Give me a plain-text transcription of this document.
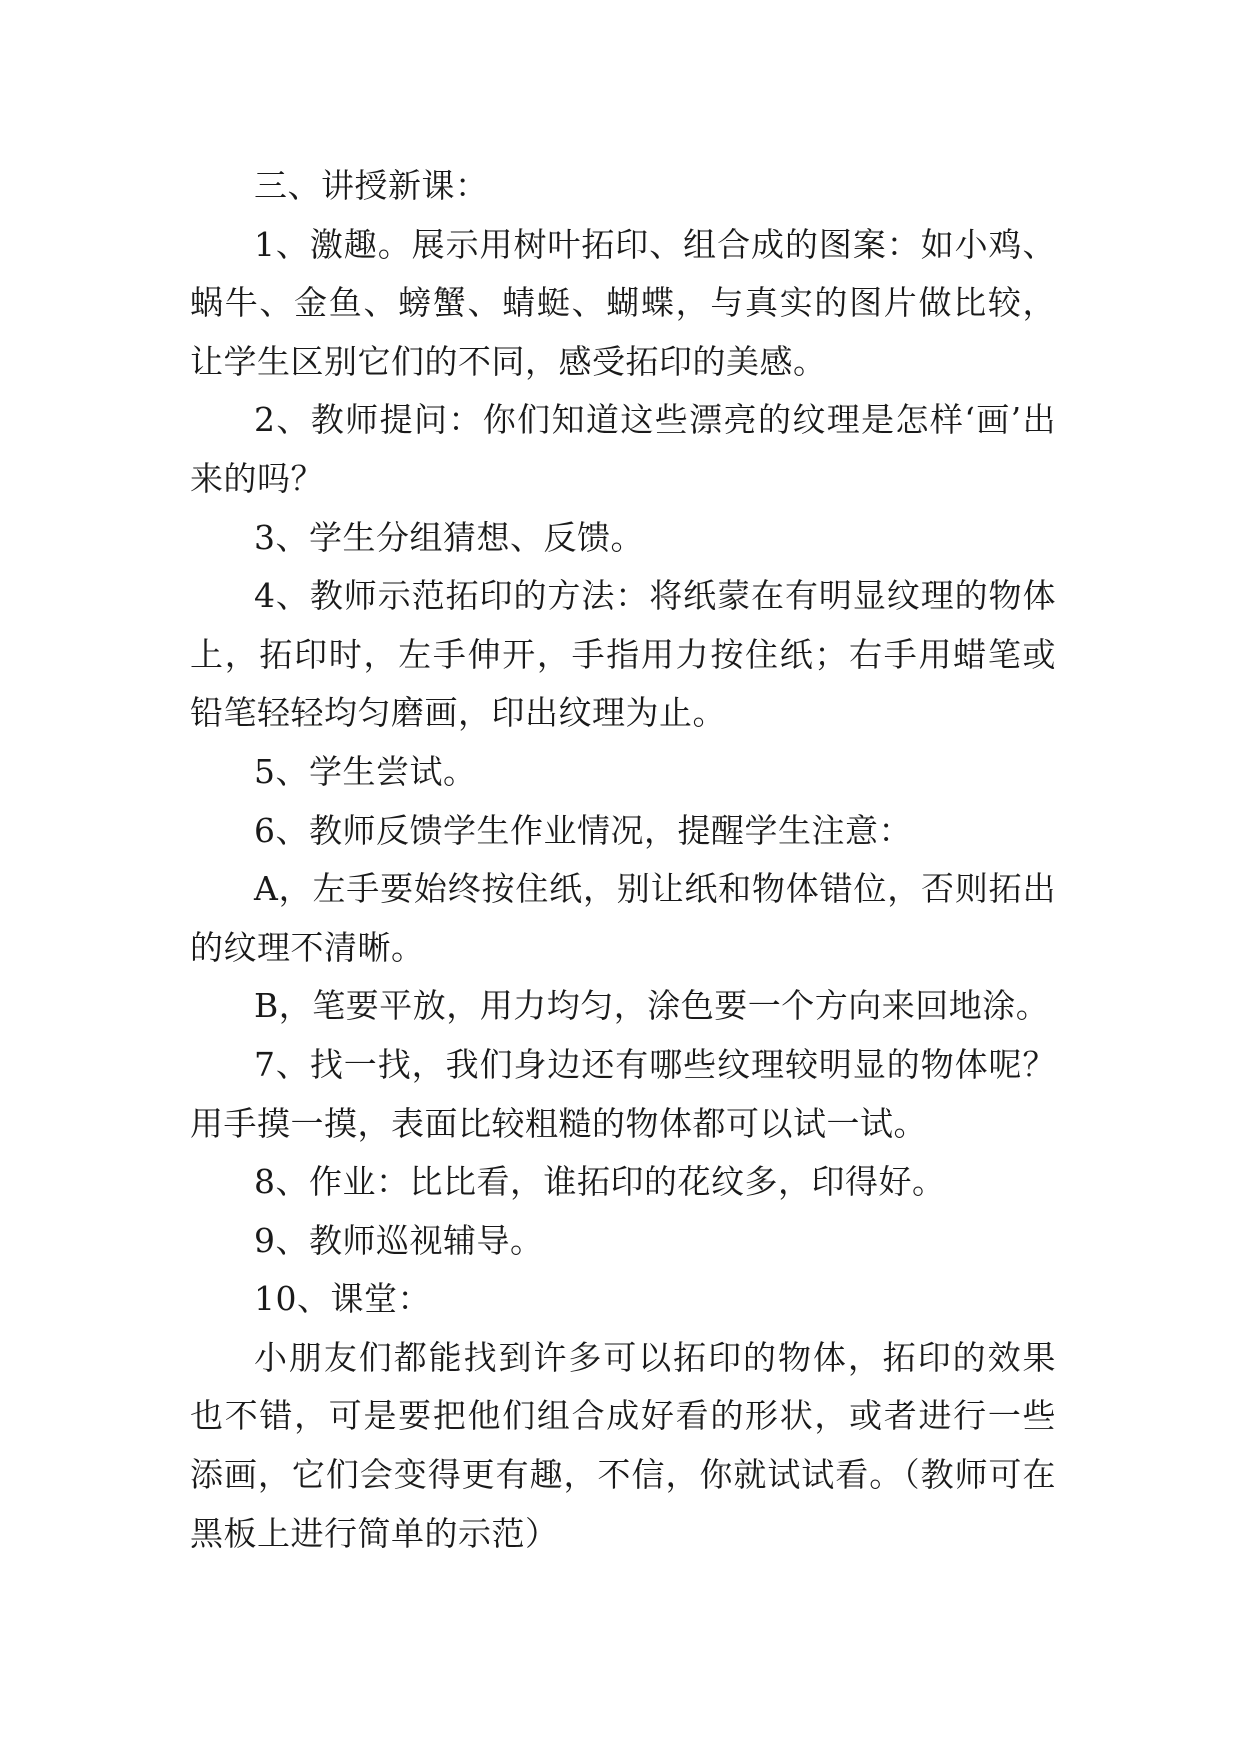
三、讲授新课：

1、激趣。展示用树叶拓印、组合成的图案：如小鸡、蜗牛、金鱼、螃蟹、蜻蜓、蝴蝶，与真实的图片做比较，让学生区别它们的不同，感受拓印的美感。

2、教师提问：你们知道这些漂亮的纹理是怎样‘画’出来的吗？

3、学生分组猜想、反馈。

4、教师示范拓印的方法：将纸蒙在有明显纹理的物体上，拓印时，左手伸开，手指用力按住纸；右手用蜡笔或铅笔轻轻均匀磨画，印出纹理为止。

5、学生尝试。

6、教师反馈学生作业情况，提醒学生注意：

A，左手要始终按住纸，别让纸和物体错位，否则拓出的纹理不清晰。

B，笔要平放，用力均匀，涂色要一个方向来回地涂。

7、找一找，我们身边还有哪些纹理较明显的物体呢？用手摸一摸，表面比较粗糙的物体都可以试一试。

8、作业：比比看，谁拓印的花纹多，印得好。

9、教师巡视辅导。

10、课堂：

小朋友们都能找到许多可以拓印的物体，拓印的效果也不错，可是要把他们组合成好看的形状，或者进行一些添画，它们会变得更有趣，不信，你就试试看。（教师可在黑板上进行简单的示范）
